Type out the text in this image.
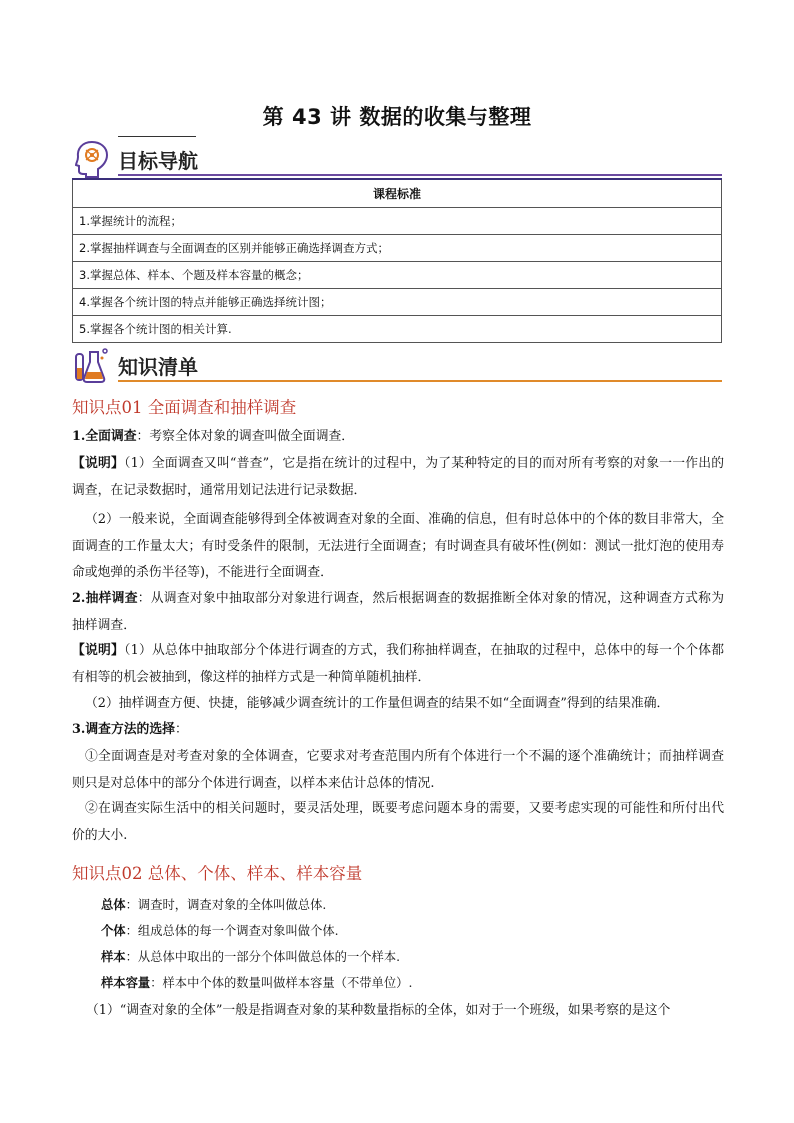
第 43 讲 数据的收集与整理
目标导航
课程标准
1.掌握统计的流程；
2.掌握抽样调查与全面调查的区别并能够正确选择调查方式；
3.掌握总体、样本、个题及样本容量的概念；
4.掌握各个统计图的特点并能够正确选择统计图；
5.掌握各个统计图的相关计算.
知识清单
知识点01 全面调查和抽样调查
1.全面调查：考察全体对象的调查叫做全面调查．
【说明】（1）全面调查又叫“普查”，它是指在统计的过程中，为了某种特定的目的而对所有考察的对象一一作出的调查，在记录数据时，通常用划记法进行记录数据．
（2）一般来说，全面调查能够得到全体被调查对象的全面、准确的信息，但有时总体中的个体的数目非常大，全面调查的工作量太大；有时受条件的限制，无法进行全面调查；有时调查具有破坏性(例如：测试一批灯泡的使用寿命或炮弹的杀伤半径等)，不能进行全面调查．
2.抽样调查：从调查对象中抽取部分对象进行调查，然后根据调查的数据推断全体对象的情况，这种调查方式称为抽样调查．
【说明】（1）从总体中抽取部分个体进行调查的方式，我们称抽样调查，在抽取的过程中，总体中的每一个个体都有相等的机会被抽到，像这样的抽样方式是一种简单随机抽样．
（2）抽样调查方便、快捷，能够减少调查统计的工作量但调查的结果不如“全面调查”得到的结果准确．
3.调查方法的选择：
①全面调查是对考查对象的全体调查，它要求对考查范围内所有个体进行一个不漏的逐个准确统计；而抽样调查则只是对总体中的部分个体进行调查，以样本来估计总体的情况.
②在调查实际生活中的相关问题时，要灵活处理，既要考虑问题本身的需要，又要考虑实现的可能性和所付出代价的大小.
知识点02 总体、个体、样本、样本容量
总体：调查时，调查对象的全体叫做总体.
个体：组成总体的每一个调查对象叫做个体.
样本：从总体中取出的一部分个体叫做总体的一个样本.
样本容量：样本中个体的数量叫做样本容量（不带单位）.
（1）“调查对象的全体”一般是指调查对象的某种数量指标的全体，如对于一个班级，如果考察的是这个
